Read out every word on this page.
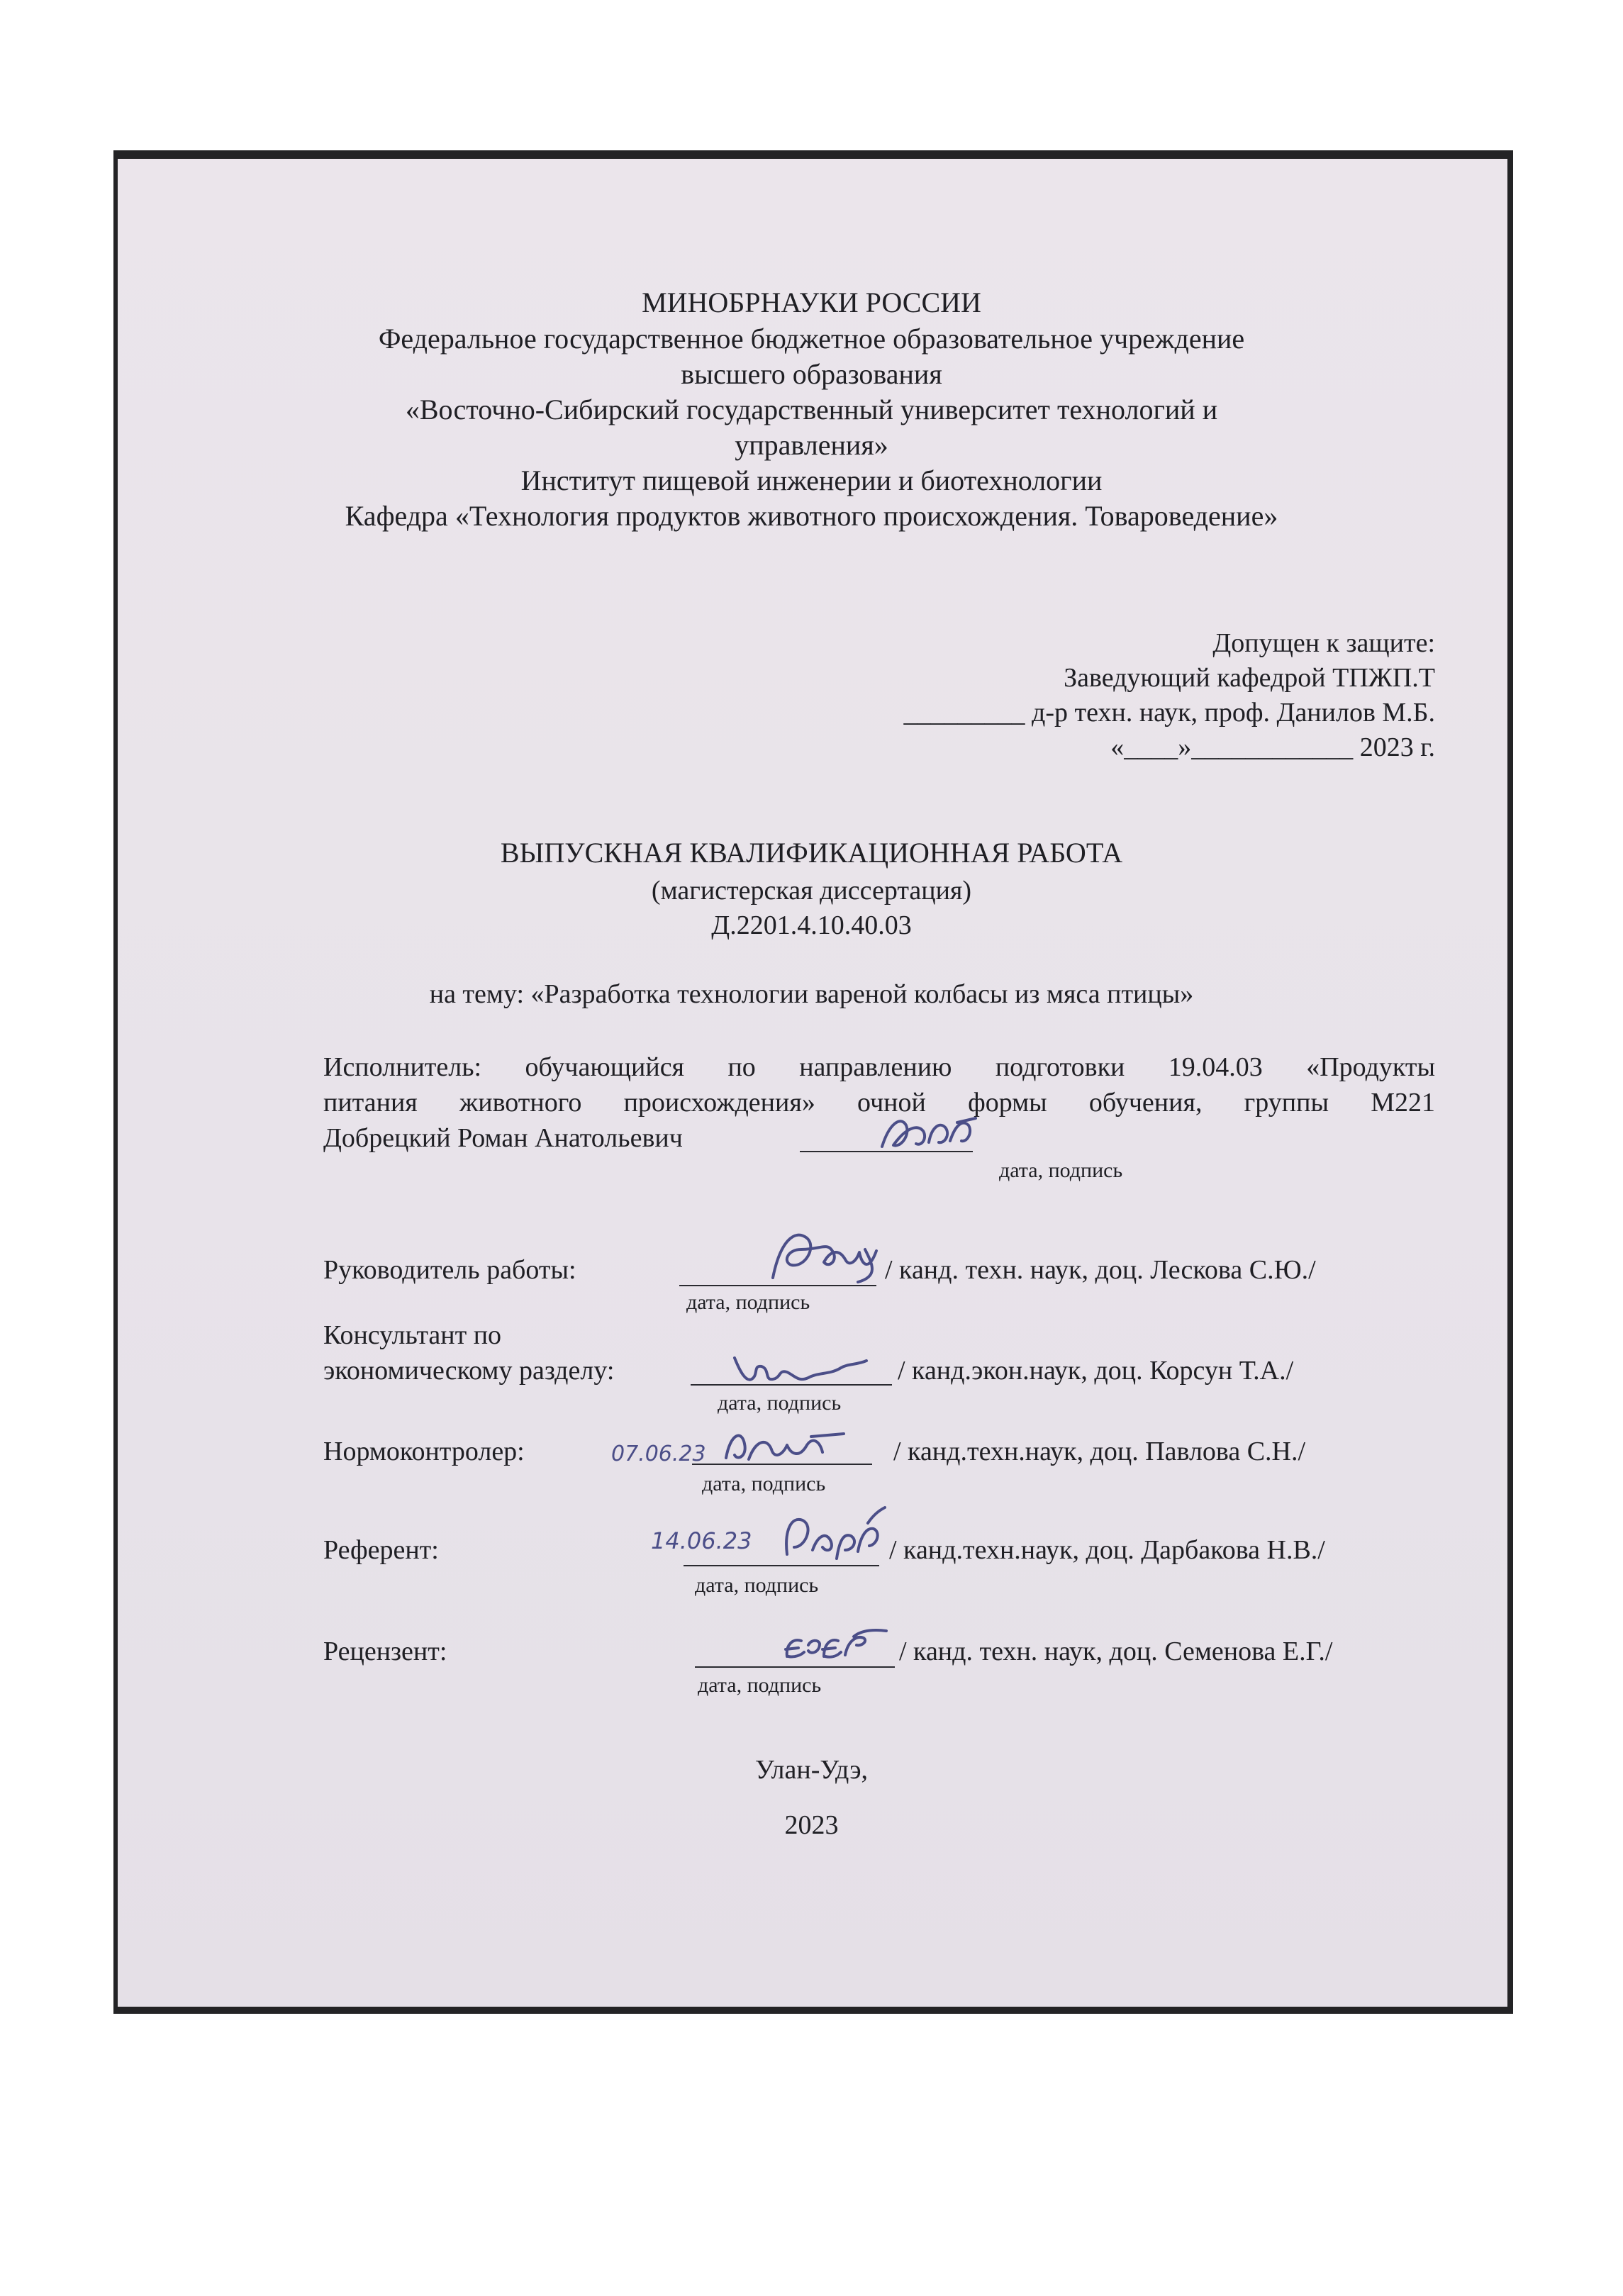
МИНОБРНАУКИ РОССИИ
Федеральное государственное бюджетное образовательное учреждение
высшего образования
«Восточно-Сибирский государственный университет технологий и
управления»
Институт пищевой инженерии и биотехнологии
Кафедра «Технология продуктов животного происхождения. Товароведение»
Допущен к защите:
Заведующий кафедрой ТПЖП.Т
_________ д-р техн. наук, проф. Данилов М.Б.
«____»____________ 2023 г.
ВЫПУСКНАЯ КВАЛИФИКАЦИОННАЯ РАБОТА
(магистерская диссертация)
Д.2201.4.10.40.03
на тему: «Разработка технологии вареной колбасы из мяса птицы»
Исполнитель: обучающийся по направлению подготовки 19.04.03 «Продукты
питания животного происхождения» очной формы обучения, группы М221
Добрецкий Роман Анатольевич
дата, подпись
Руководитель работы:	/ канд. техн. наук, доц. Лескова С.Ю./
дата, подпись
Консультант по
экономическому разделу:	/ канд.экон.наук, доц. Корсун Т.А./
дата, подпись
Нормоконтролер:	07.06.23	/ канд.техн.наук, доц. Павлова С.Н./
дата, подпись
Референт:	14.06.23	/ канд.техн.наук, доц. Дарбакова Н.В./
дата, подпись
Рецензент:	/ канд. техн. наук, доц. Семенова Е.Г./
дата, подпись
Улан-Удэ,
2023
